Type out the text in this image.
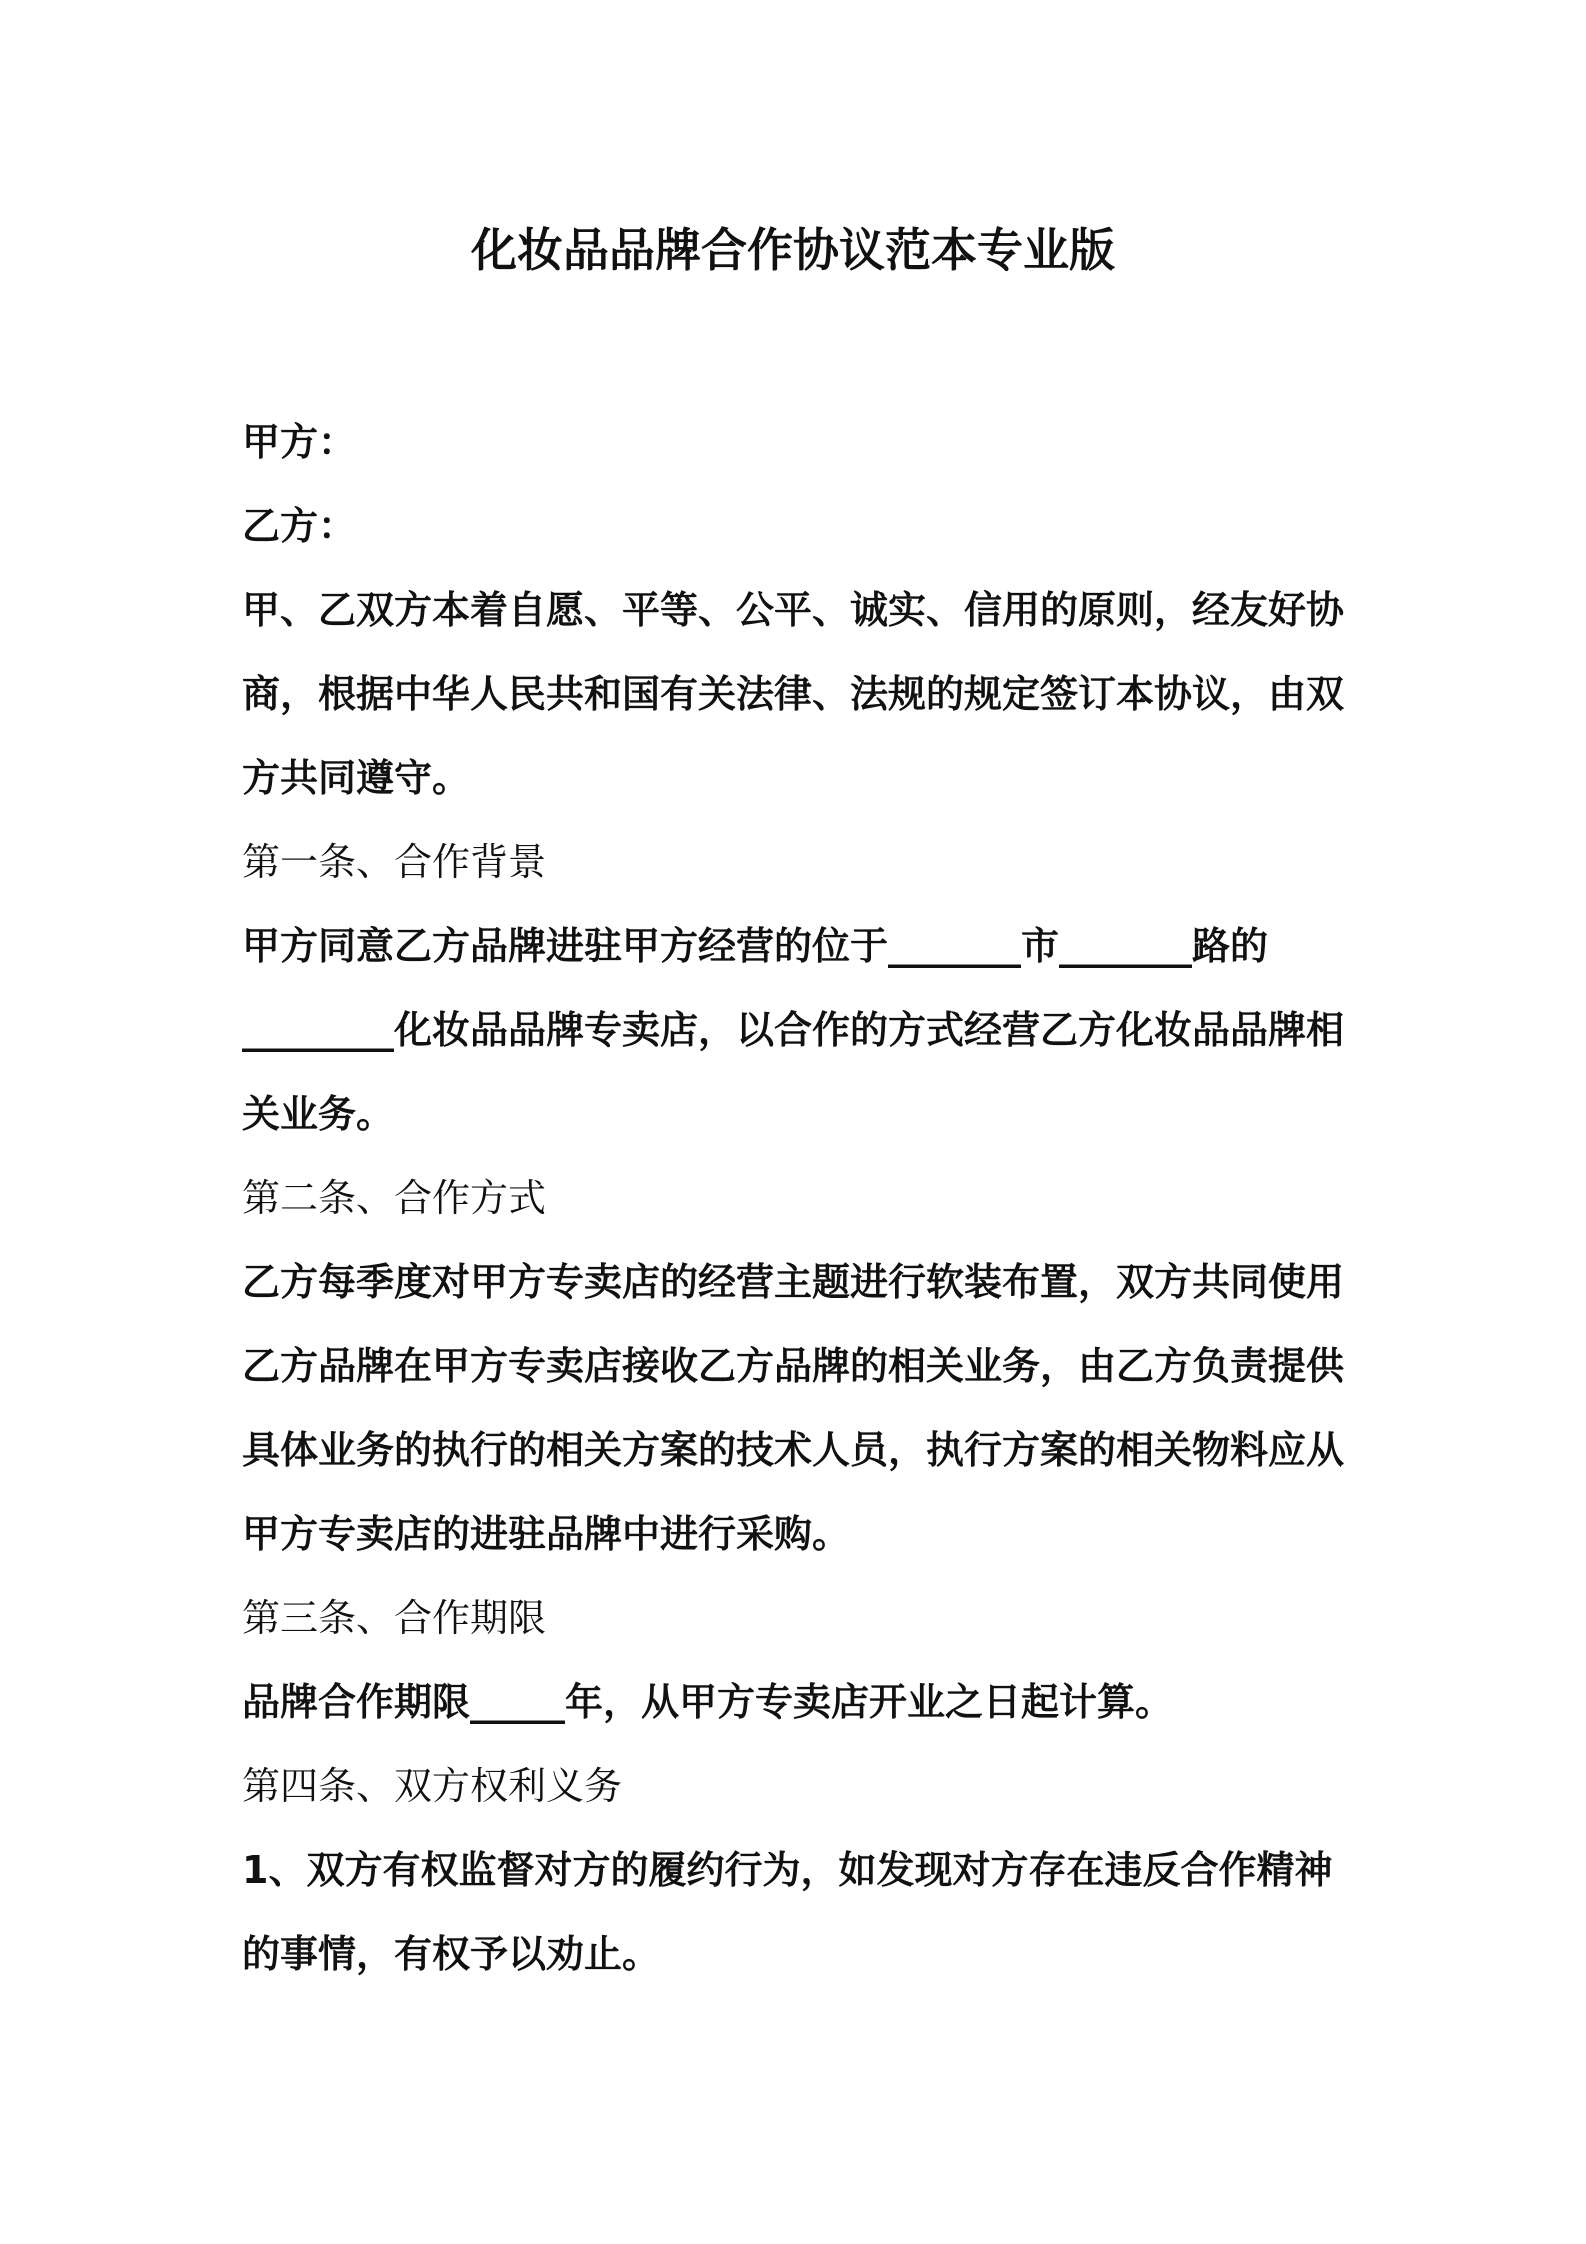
化妆品品牌合作协议范本专业版

甲方：

乙方：

甲、乙双方本着自愿、平等、公平、诚实、信用的原则，经友好协商，根据中华人民共和国有关法律、法规的规定签订本协议，由双方共同遵守。

第一条、合作背景

甲方同意乙方品牌进驻甲方经营的位于_______市_______路的________化妆品品牌专卖店，以合作的方式经营乙方化妆品品牌相关业务。

第二条、合作方式

乙方每季度对甲方专卖店的经营主题进行软装布置，双方共同使用乙方品牌在甲方专卖店接收乙方品牌的相关业务，由乙方负责提供具体业务的执行的相关方案的技术人员，执行方案的相关物料应从甲方专卖店的进驻品牌中进行采购。

第三条、合作期限

品牌合作期限_____年，从甲方专卖店开业之日起计算。

第四条、双方权利义务

1、双方有权监督对方的履约行为，如发现对方存在违反合作精神的事情，有权予以劝止。
